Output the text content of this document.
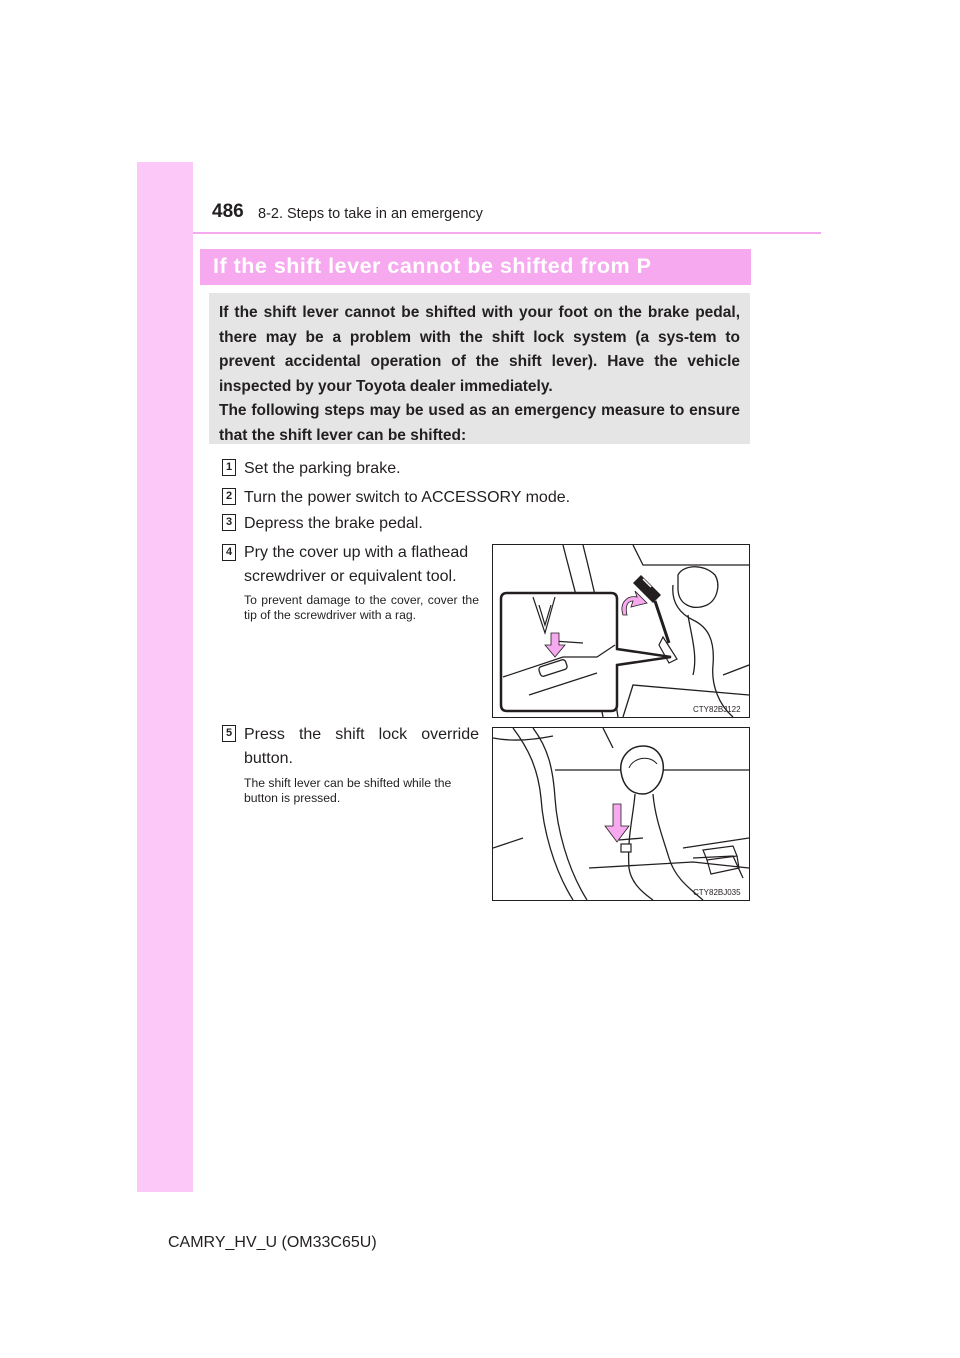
486 8-2. Steps to take in an emergency
If the shift lever cannot be shifted from P

If the shift lever cannot be shifted with your foot on the brake pedal, there may be a problem with the shift lock system (a sys-tem to prevent accidental operation of the shift lever). Have the vehicle inspected by your Toyota dealer immediately.

The following steps may be used as an emergency measure to ensure that the shift lever can be shifted:

1 Set the parking brake.
2 Turn the power switch to ACCESSORY mode.
3 Depress the brake pedal.
4 Pry the cover up with a flathead
screwdriver or equivalent tool.
To prevent damage to the cover, cover the tip of the screwdriver with a rag.
CTY82BJ122
5 Press the shift lock override
button.
The shift lever can be shifted while the button is pressed.
CTY82BJ035
CAMRY_HV_U (OM33C65U)
